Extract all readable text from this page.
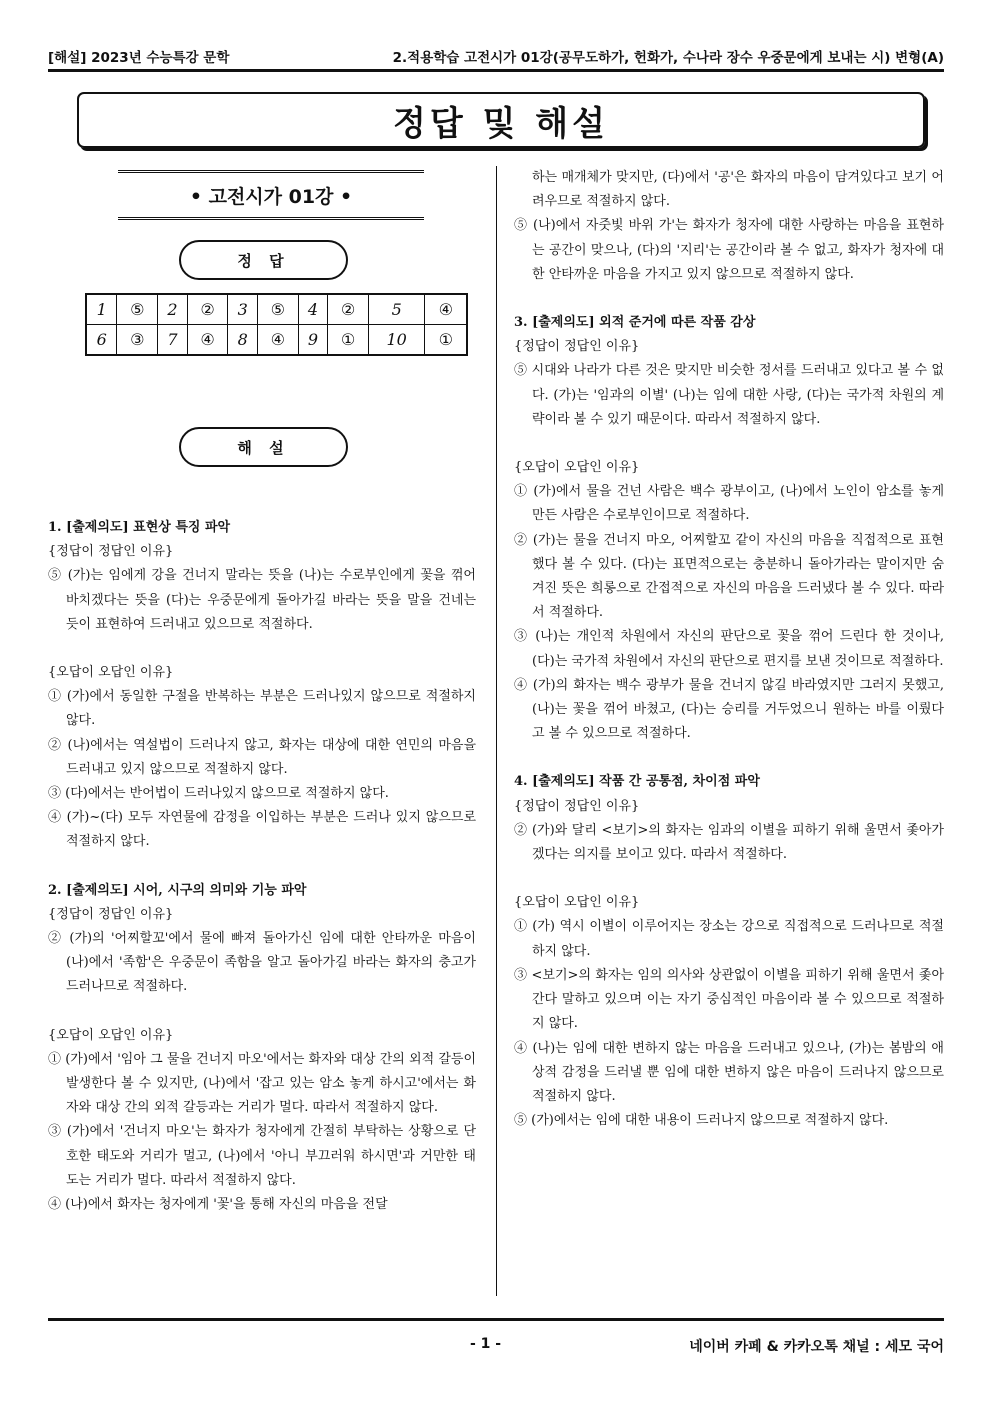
[해설] 2023년 수능특강 문학	2.적용학습 고전시가 01강(공무도하가, 헌화가, 수나라 장수 우중문에게 보내는 시) 변형(A)
정답 및 해설
• 고전시가 01강 •
정 답
1	⑤	2	②	3	⑤	4	②	5	④
6	③	7	④	8	④	9	①	10	①
해 설
1. [출제의도] 표현상 특징 파악
{정답이 정답인 이유}
⑤ (가)는 임에게 강을 건너지 말라는 뜻을 (나)는 수로부인에게 꽃을 꺾어 바치겠다는 뜻을 (다)는 우중문에게 돌아가길 바라는 뜻을 말을 건네는 듯이 표현하여 드러내고 있으므로 적절하다.
{오답이 오답인 이유}
① (가)에서 동일한 구절을 반복하는 부분은 드러나있지 않으므로 적절하지 않다.
② (나)에서는 역설법이 드러나지 않고, 화자는 대상에 대한 연민의 마음을 드러내고 있지 않으므로 적절하지 않다.
③ (다)에서는 반어법이 드러나있지 않으므로 적절하지 않다.
④ (가)~(다) 모두 자연물에 감정을 이입하는 부분은 드러나 있지 않으므로 적절하지 않다.
2. [출제의도] 시어, 시구의 의미와 기능 파악
{정답이 정답인 이유}
② (가)의 '어찌할꼬'에서 물에 빠져 돌아가신 임에 대한 안타까운 마음이 (나)에서 '족함'은 우중문이 족함을 알고 돌아가길 바라는 화자의 충고가 드러나므로 적절하다.
{오답이 오답인 이유}
① (가)에서 '임아 그 물을 건너지 마오'에서는 화자와 대상 간의 외적 갈등이 발생한다 볼 수 있지만, (나)에서 '잡고 있는 암소 놓게 하시고'에서는 화자와 대상 간의 외적 갈등과는 거리가 멀다. 따라서 적절하지 않다.
③ (가)에서 '건너지 마오'는 화자가 청자에게 간절히 부탁하는 상황으로 단호한 태도와 거리가 멀고, (나)에서 '아니 부끄러워 하시면'과 거만한 태도는 거리가 멀다. 따라서 적절하지 않다.
④ (나)에서 화자는 청자에게 '꽃'을 통해 자신의 마음을 전달
하는 매개체가 맞지만, (다)에서 '공'은 화자의 마음이 담겨있다고 보기 어려우므로 적절하지 않다.
⑤ (나)에서 자줏빛 바위 가'는 화자가 청자에 대한 사랑하는 마음을 표현하는 공간이 맞으나, (다)의 '지리'는 공간이라 볼 수 없고, 화자가 청자에 대한 안타까운 마음을 가지고 있지 않으므로 적절하지 않다.
3. [출제의도] 외적 준거에 따른 작품 감상
{정답이 정답인 이유}
⑤ 시대와 나라가 다른 것은 맞지만 비슷한 정서를 드러내고 있다고 볼 수 없다. (가)는 '임과의 이별' (나)는 임에 대한 사랑, (다)는 국가적 차원의 계략이라 볼 수 있기 때문이다. 따라서 적절하지 않다.
{오답이 오답인 이유}
① (가)에서 물을 건넌 사람은 백수 광부이고, (나)에서 노인이 암소를 놓게 만든 사람은 수로부인이므로 적절하다.
② (가)는 물을 건너지 마오, 어찌할꼬 같이 자신의 마음을 직접적으로 표현했다 볼 수 있다. (다)는 표면적으로는 충분하니 돌아가라는 말이지만 숨겨진 뜻은 희롱으로 간접적으로 자신의 마음을 드러냈다 볼 수 있다. 따라서 적절하다.
③ (나)는 개인적 차원에서 자신의 판단으로 꽃을 꺾어 드린다 한 것이나, (다)는 국가적 차원에서 자신의 판단으로 편지를 보낸 것이므로 적절하다.
④ (가)의 화자는 백수 광부가 물을 건너지 않길 바라였지만 그러지 못했고, (나)는 꽃을 꺾어 바쳤고, (다)는 승리를 거두었으니 원하는 바를 이뤘다고 볼 수 있으므로 적절하다.
4. [출제의도] 작품 간 공통점, 차이점 파악
{정답이 정답인 이유}
② (가)와 달리 <보기>의 화자는 임과의 이별을 피하기 위해 울면서 좇아가겠다는 의지를 보이고 있다. 따라서 적절하다.
{오답이 오답인 이유}
① (가) 역시 이별이 이루어지는 장소는 강으로 직접적으로 드러나므로 적절하지 않다.
③ <보기>의 화자는 임의 의사와 상관없이 이별을 피하기 위해 울면서 좇아간다 말하고 있으며 이는 자기 중심적인 마음이라 볼 수 있으므로 적절하지 않다.
④ (나)는 임에 대한 변하지 않는 마음을 드러내고 있으나, (가)는 봄밤의 애상적 감정을 드러낼 뿐 임에 대한 변하지 않은 마음이 드러나지 않으므로 적절하지 않다.
⑤ (가)에서는 임에 대한 내용이 드러나지 않으므로 적절하지 않다.
- 1 -	네이버 카페 & 카카오톡 채널 : 세모 국어
